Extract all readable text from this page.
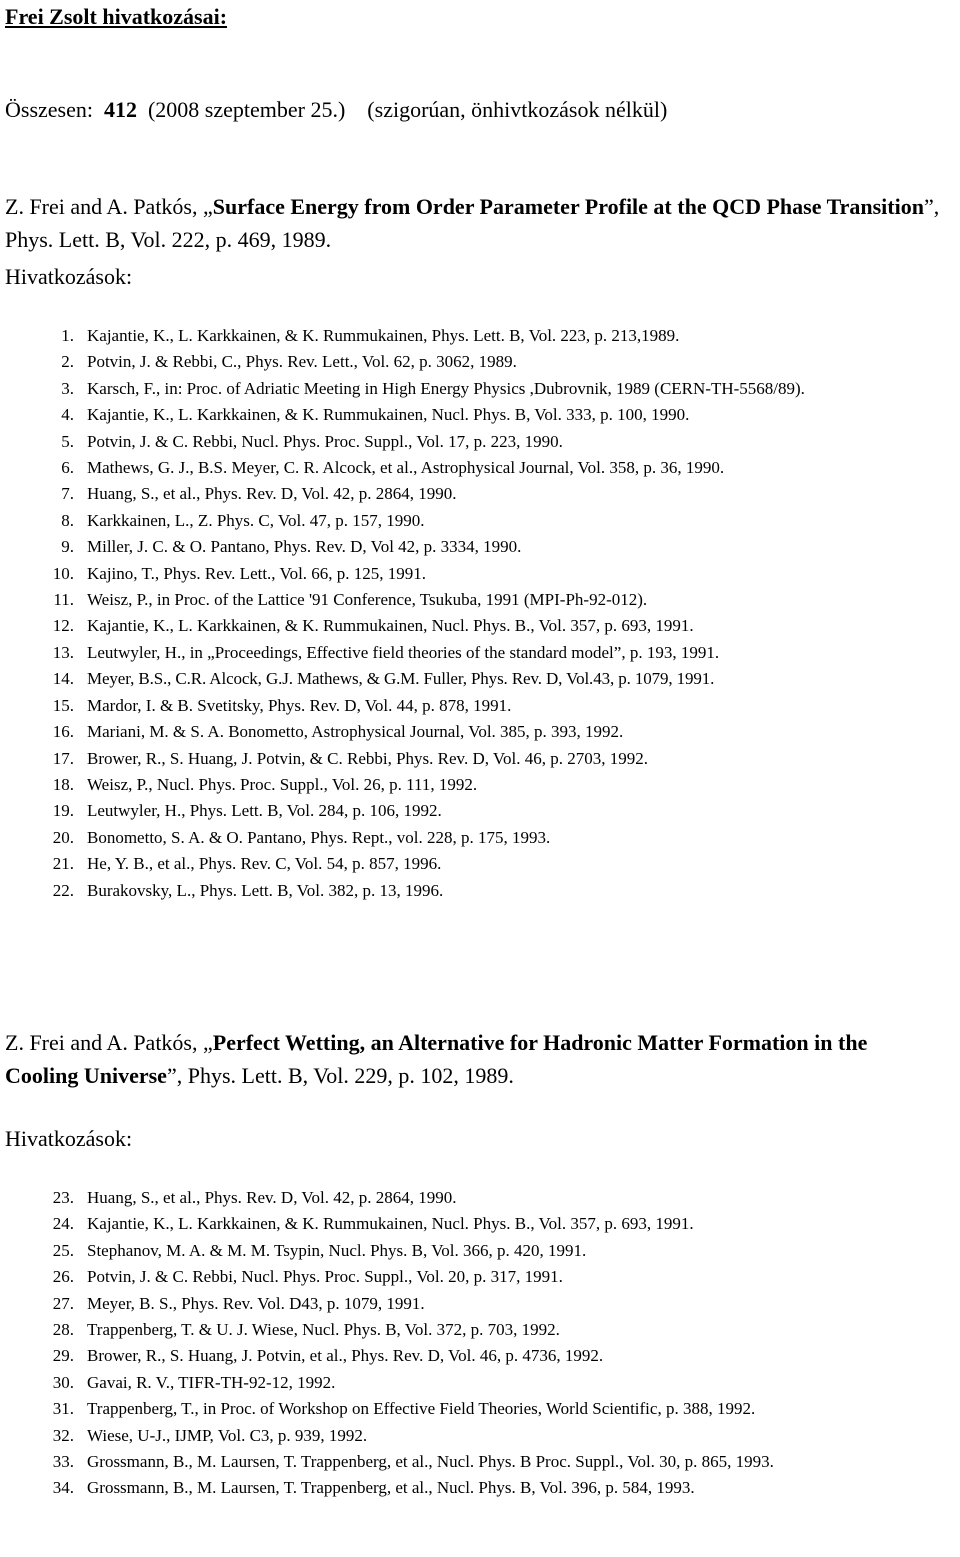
Frei Zsolt hivatkozásai:

Összesen: 412 (2008 szeptember 25.)    (szigorúan, önhivtkozások nélkül)

Z. Frei and A. Patkós, „Surface Energy from Order Parameter Profile at the QCD Phase Transition”, Phys. Lett. B, Vol. 222, p. 469, 1989.

Hivatkozások:

1. Kajantie, K., L. Karkkainen, & K. Rummukainen, Phys. Lett. B, Vol. 223, p. 213,1989.
2. Potvin, J. & Rebbi, C., Phys. Rev. Lett., Vol. 62, p. 3062, 1989.
3. Karsch, F., in: Proc. of Adriatic Meeting in High Energy Physics ,Dubrovnik, 1989 (CERN-TH-5568/89).
4. Kajantie, K., L. Karkkainen, & K. Rummukainen, Nucl. Phys. B, Vol. 333, p. 100, 1990.
5. Potvin, J. & C. Rebbi, Nucl. Phys. Proc. Suppl., Vol. 17, p. 223, 1990.
6. Mathews, G. J., B.S. Meyer, C. R. Alcock, et al., Astrophysical Journal, Vol. 358, p. 36, 1990.
7. Huang, S., et al., Phys. Rev. D, Vol. 42, p. 2864, 1990.
8. Karkkainen, L., Z. Phys. C, Vol. 47, p. 157, 1990.
9. Miller, J. C. & O. Pantano, Phys. Rev. D, Vol 42, p. 3334, 1990.
10. Kajino, T., Phys. Rev. Lett., Vol. 66, p. 125, 1991.
11. Weisz, P., in Proc. of the Lattice '91 Conference, Tsukuba, 1991 (MPI-Ph-92-012).
12. Kajantie, K., L. Karkkainen, & K. Rummukainen, Nucl. Phys. B., Vol. 357, p. 693, 1991.
13. Leutwyler, H., in „Proceedings, Effective field theories of the standard model”, p. 193, 1991.
14. Meyer, B.S., C.R. Alcock, G.J. Mathews, & G.M. Fuller, Phys. Rev. D, Vol.43, p. 1079, 1991.
15. Mardor, I. & B. Svetitsky, Phys. Rev. D, Vol. 44, p. 878, 1991.
16. Mariani, M. & S. A. Bonometto, Astrophysical Journal, Vol. 385, p. 393, 1992.
17. Brower, R., S. Huang, J. Potvin, & C. Rebbi, Phys. Rev. D, Vol. 46, p. 2703, 1992.
18. Weisz, P., Nucl. Phys. Proc. Suppl., Vol. 26, p. 111, 1992.
19. Leutwyler, H., Phys. Lett. B, Vol. 284, p. 106, 1992.
20. Bonometto, S. A. & O. Pantano, Phys. Rept., vol. 228, p. 175, 1993.
21. He, Y. B., et al., Phys. Rev. C, Vol. 54, p. 857, 1996.
22. Burakovsky, L., Phys. Lett. B, Vol. 382, p. 13, 1996.

Z. Frei and A. Patkós, „Perfect Wetting, an Alternative for Hadronic Matter Formation in the Cooling Universe”, Phys. Lett. B, Vol. 229, p. 102, 1989.

Hivatkozások:

23. Huang, S., et al., Phys. Rev. D, Vol. 42, p. 2864, 1990.
24. Kajantie, K., L. Karkkainen, & K. Rummukainen, Nucl. Phys. B., Vol. 357, p. 693, 1991.
25. Stephanov, M. A. & M. M. Tsypin, Nucl. Phys. B, Vol. 366, p. 420, 1991.
26. Potvin, J. & C. Rebbi, Nucl. Phys. Proc. Suppl., Vol. 20, p. 317, 1991.
27. Meyer, B. S., Phys. Rev. Vol. D43, p. 1079, 1991.
28. Trappenberg, T. & U. J. Wiese, Nucl. Phys. B, Vol. 372, p. 703, 1992.
29. Brower, R., S. Huang, J. Potvin, et al., Phys. Rev. D, Vol. 46, p. 4736, 1992.
30. Gavai, R. V., TIFR-TH-92-12, 1992.
31. Trappenberg, T., in Proc. of Workshop on Effective Field Theories, World Scientific, p. 388, 1992.
32. Wiese, U-J., IJMP, Vol. C3, p. 939, 1992.
33. Grossmann, B., M. Laursen, T. Trappenberg, et al., Nucl. Phys. B Proc. Suppl., Vol. 30, p. 865, 1993.
34. Grossmann, B., M. Laursen, T. Trappenberg, et al., Nucl. Phys. B, Vol. 396, p. 584, 1993.
